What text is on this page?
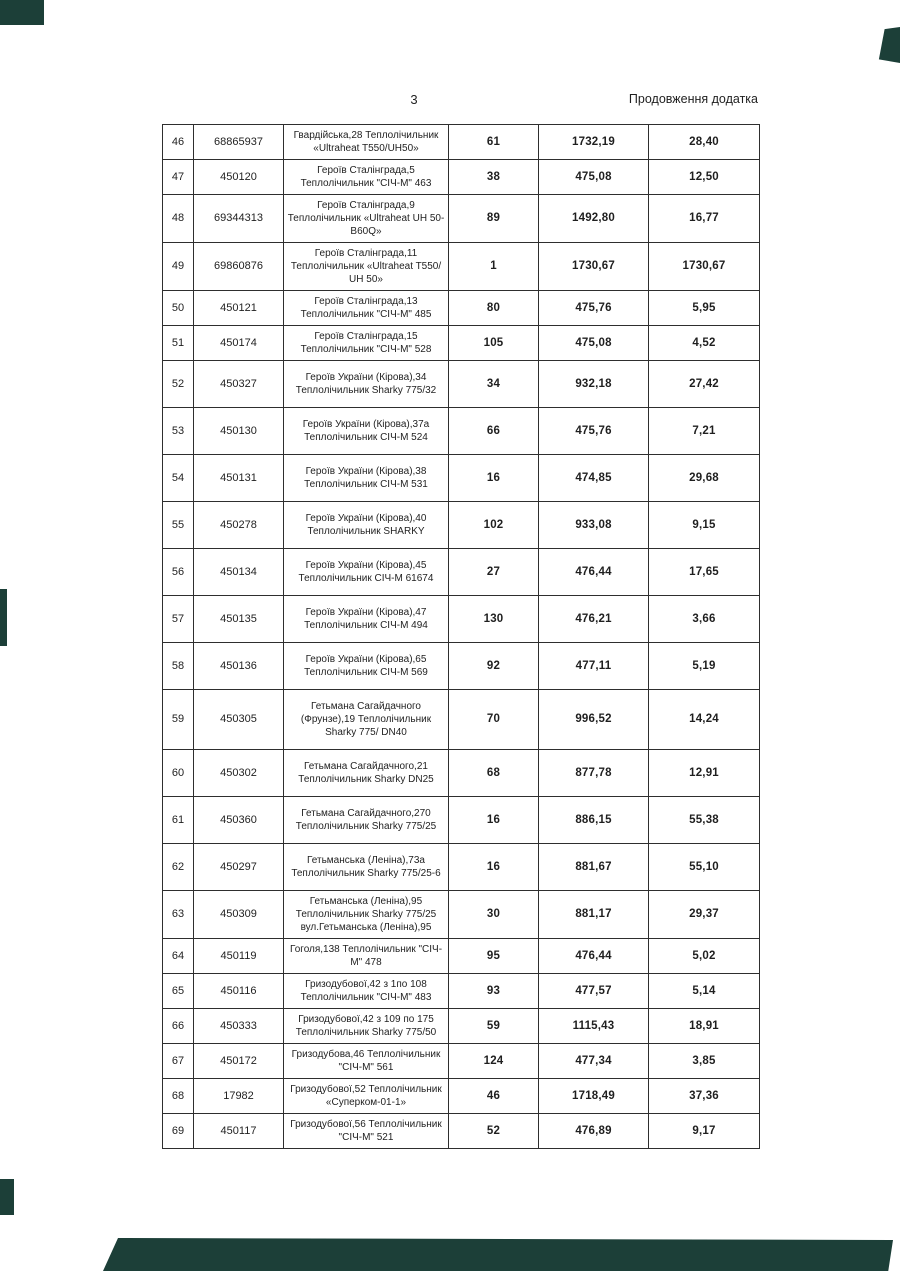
3	Продовження додатка
46	68865937	Гвардійська,28 Теплолічильник «Ultraheat T550/UH50»	61	1732,19	28,40
47	450120	Героїв Сталінграда,5 Теплолічильник "СІЧ-М" 463	38	475,08	12,50
48	69344313	Героїв Сталінграда,9 Теплолічильник «Ultraheat UH 50-B60Q»	89	1492,80	16,77
49	69860876	Героїв Сталінграда,11 Теплолічильник «Ultraheat T550/ UH 50»	1	1730,67	1730,67
50	450121	Героїв Сталінграда,13 Теплолічильник "СІЧ-М" 485	80	475,76	5,95
51	450174	Героїв Сталінграда,15 Теплолічильник "СІЧ-М" 528	105	475,08	4,52
52	450327	Героїв України (Кірова),34 Теплолічильник Sharky 775/32	34	932,18	27,42
53	450130	Героїв України (Кірова),37а Теплолічильник СІЧ-М 524	66	475,76	7,21
54	450131	Героїв України (Кірова),38 Теплолічильник СІЧ-М 531	16	474,85	29,68
55	450278	Героїв України (Кірова),40 Теплолічильник SHARKY	102	933,08	9,15
56	450134	Героїв України (Кірова),45 Теплолічильник СІЧ-М 61674	27	476,44	17,65
57	450135	Героїв України (Кірова),47 Теплолічильник СІЧ-М 494	130	476,21	3,66
58	450136	Героїв України (Кірова),65 Теплолічильник СІЧ-М 569	92	477,11	5,19
59	450305	Гетьмана Сагайдачного (Фрунзе),19 Теплолічильник Sharky 775/ DN40	70	996,52	14,24
60	450302	Гетьмана Сагайдачного,21 Теплолічильник Sharky DN25	68	877,78	12,91
61	450360	Гетьмана Сагайдачного,270 Теплолічильник Sharky 775/25	16	886,15	55,38
62	450297	Гетьманська (Леніна),73а Теплолічильник Sharky 775/25-6	16	881,67	55,10
63	450309	Гетьманська (Леніна),95 Теплолічильник Sharky 775/25 вул.Гетьманська (Леніна),95	30	881,17	29,37
64	450119	Гоголя,138 Теплолічильник "СІЧ-М" 478	95	476,44	5,02
65	450116	Гризодубової,42 з 1по 108 Теплолічильник "СІЧ-М" 483	93	477,57	5,14
66	450333	Гризодубової,42 з 109 по 175 Теплолічильник Sharky 775/50	59	1115,43	18,91
67	450172	Гризодубова,46 Теплолічильник "СІЧ-М" 561	124	477,34	3,85
68	17982	Гризодубової,52 Теплолічильник «Суперком-01-1»	46	1718,49	37,36
69	450117	Гризодубової,56 Теплолічильник "СІЧ-М" 521	52	476,89	9,17
